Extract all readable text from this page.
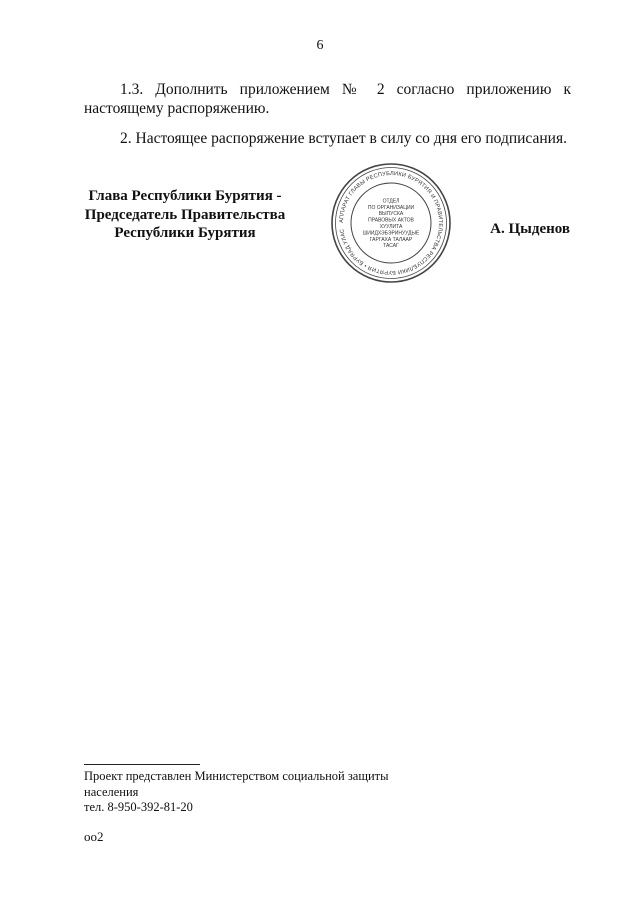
6
1.3. Дополнить приложением № 2 согласно приложению к настоящему распоряжению.
2. Настоящее распоряжение вступает в силу со дня его подписания.
Глава Республики Бурятия -
Председатель Правительства
Республики Бурятия	А. Цыденов
АППАРАТ ГЛАВЫ РЕСПУБЛИКИ БУРЯТИЯ И ПРАВИТЕЛЬСТВА РЕСПУБЛИКИ БУРЯТИЯ • БУРЯАД УЛАС
ОТДЕЛ
ПО ОРГАНИЗАЦИИ
ВЫПУСКА
ПРАВОВЫХ АКТОВ
ХУУЛИТА
ШИИДХЭБЭРИНУУДЫЕ
ГАРГАХА ТАЛААР
ТАСАГ
Проект представлен Министерством социальной защиты
населения
тел. 8-950-392-81-20
оо2
